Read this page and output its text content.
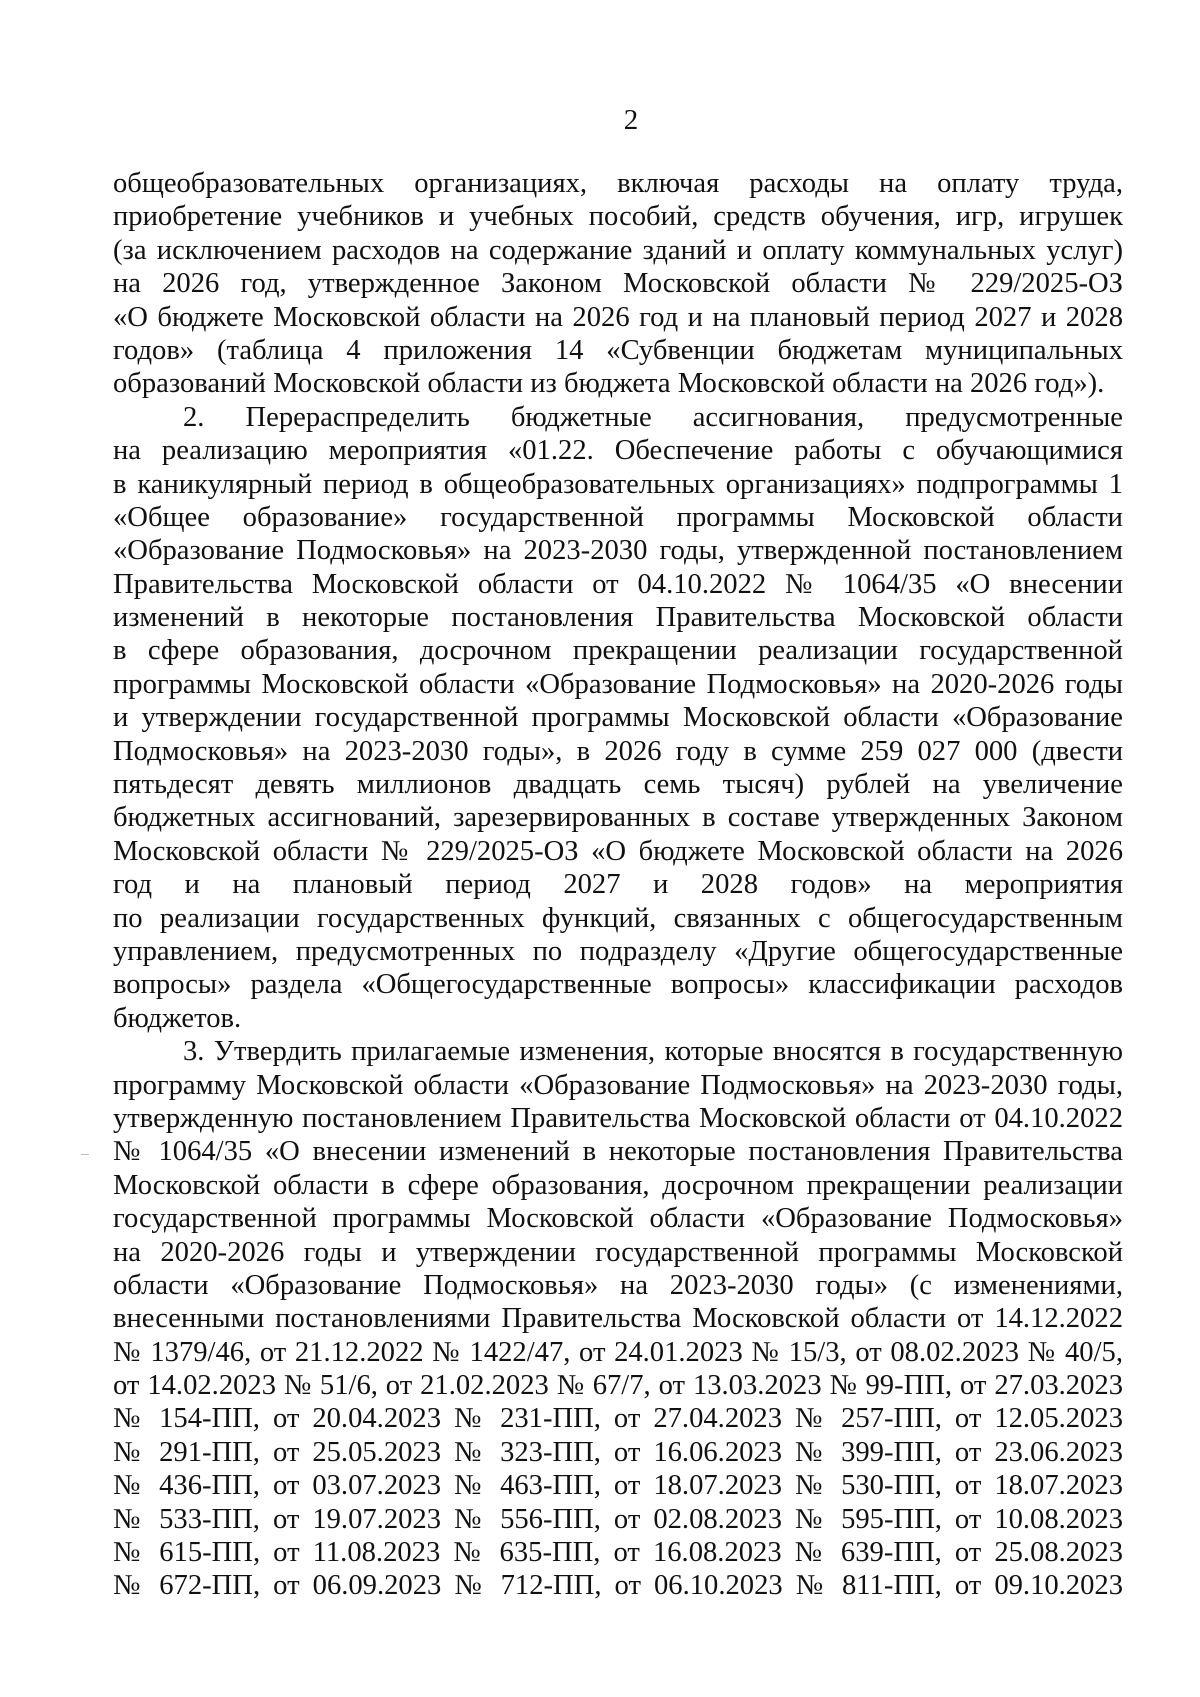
2
общеобразовательных организациях, включая расходы на оплату труда,
приобретение учебников и учебных пособий, средств обучения, игр, игрушек
(за исключением расходов на содержание зданий и оплату коммунальных услуг)
на 2026 год, утвержденное Законом Московской области № 229/2025-ОЗ
«О бюджете Московской области на 2026 год и на плановый период 2027 и 2028
годов» (таблица 4 приложения 14 «Субвенции бюджетам муниципальных
образований Московской области из бюджета Московской области на 2026 год»).
2. Перераспределить бюджетные ассигнования, предусмотренные
на реализацию мероприятия «01.22. Обеспечение работы с обучающимися
в каникулярный период в общеобразовательных организациях» подпрограммы 1
«Общее образование» государственной программы Московской области
«Образование Подмосковья» на 2023-2030 годы, утвержденной постановлением
Правительства Московской области от 04.10.2022 № 1064/35 «О внесении
изменений в некоторые постановления Правительства Московской области
в сфере образования, досрочном прекращении реализации государственной
программы Московской области «Образование Подмосковья» на 2020-2026 годы
и утверждении государственной программы Московской области «Образование
Подмосковья» на 2023-2030 годы», в 2026 году в сумме 259 027 000 (двести
пятьдесят девять миллионов двадцать семь тысяч) рублей на увеличение
бюджетных ассигнований, зарезервированных в составе утвержденных Законом
Московской области № 229/2025-ОЗ «О бюджете Московской области на 2026
год и на плановый период 2027 и 2028 годов» на мероприятия
по реализации государственных функций, связанных с общегосударственным
управлением, предусмотренных по подразделу «Другие общегосударственные
вопросы» раздела «Общегосударственные вопросы» классификации расходов
бюджетов.
3. Утвердить прилагаемые изменения, которые вносятся в государственную
программу Московской области «Образование Подмосковья» на 2023-2030 годы,
утвержденную постановлением Правительства Московской области от 04.10.2022
№ 1064/35 «О внесении изменений в некоторые постановления Правительства
Московской области в сфере образования, досрочном прекращении реализации
государственной программы Московской области «Образование Подмосковья»
на 2020-2026 годы и утверждении государственной программы Московской
области «Образование Подмосковья» на 2023-2030 годы» (с изменениями,
внесенными постановлениями Правительства Московской области от 14.12.2022
№ 1379/46, от 21.12.2022 № 1422/47, от 24.01.2023 № 15/3, от 08.02.2023 № 40/5,
от 14.02.2023 № 51/6, от 21.02.2023 № 67/7, от 13.03.2023 № 99-ПП, от 27.03.2023
№ 154-ПП, от 20.04.2023 № 231-ПП, от 27.04.2023 № 257-ПП, от 12.05.2023
№ 291-ПП, от 25.05.2023 № 323-ПП, от 16.06.2023 № 399-ПП, от 23.06.2023
№ 436-ПП, от 03.07.2023 № 463-ПП, от 18.07.2023 № 530-ПП, от 18.07.2023
№ 533-ПП, от 19.07.2023 № 556-ПП, от 02.08.2023 № 595-ПП, от 10.08.2023
№ 615-ПП, от 11.08.2023 № 635-ПП, от 16.08.2023 № 639-ПП, от 25.08.2023
№ 672-ПП, от 06.09.2023 № 712-ПП, от 06.10.2023 № 811-ПП, от 09.10.2023
